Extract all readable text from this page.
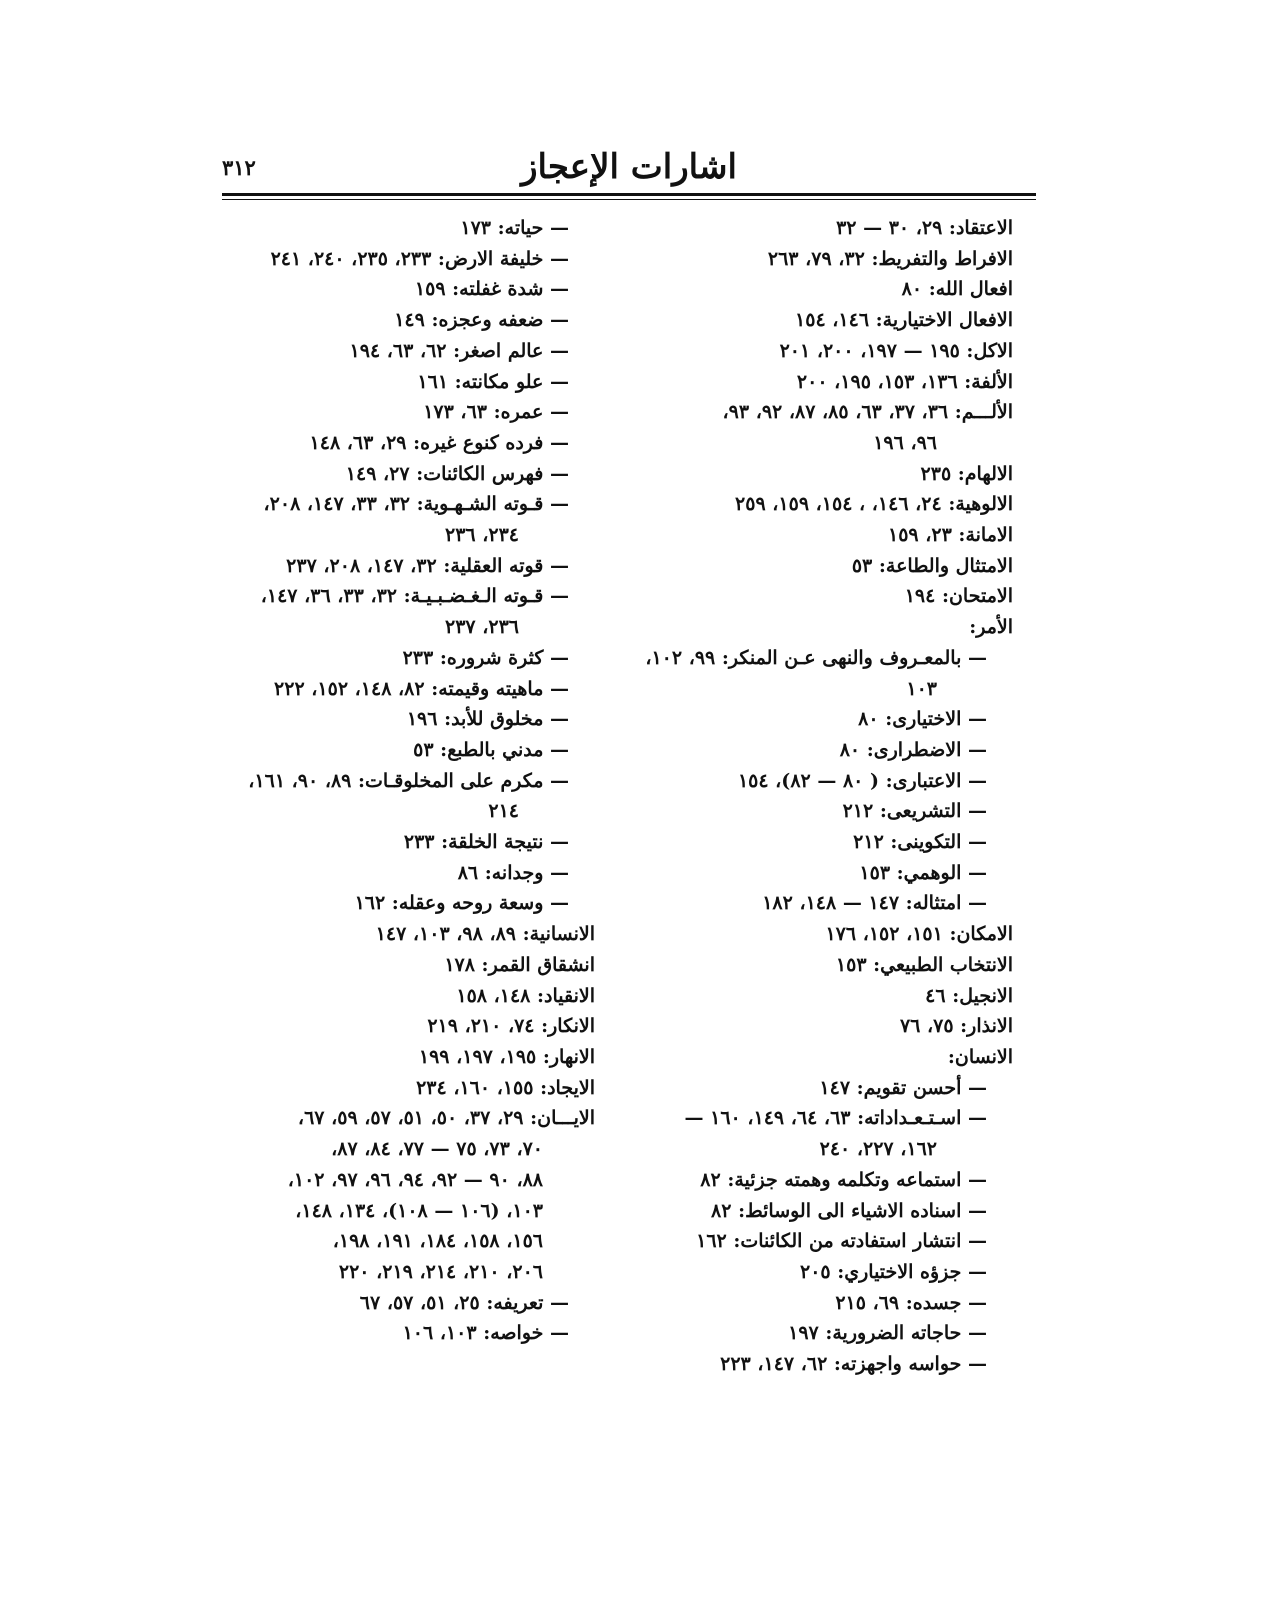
٣١٢	اشارات الإعجاز
الاعتقاد: ٢٩، ٣٠ — ٣٢
الافراط والتفريط: ٣٢، ٧٩، ٢٦٣
افعال الله: ٨٠
الافعال الاختيارية: ١٤٦، ١٥٤
الاكل: ١٩٥ — ١٩٧، ٢٠٠، ٢٠١
الألفة: ١٣٦، ١٥٣، ١٩٥، ٢٠٠
الألـــم: ٣٦، ٣٧، ٦٣، ٨٥، ٨٧، ٩٢، ٩٣،
٩٦، ١٩٦
الالهام: ٢٣٥
الالوهية: ٢٤، ١٤٦، ، ١٥٤، ١٥٩، ٢٥٩
الامانة: ٢٣، ١٥٩
الامتثال والطاعة: ٥٣
الامتحان: ١٩٤
الأمر:
— بالمعـروف والنهى عـن المنكر: ٩٩، ١٠٢،
١٠٣
— الاختيارى: ٨٠
— الاضطرارى: ٨٠
— الاعتبارى: ( ٨٠ — ٨٢)، ١٥٤
— التشريعى: ٢١٢
— التكوينى: ٢١٢
— الوهمي: ١٥٣
— امتثاله: ١٤٧ — ١٤٨، ١٨٢
الامكان: ١٥١، ١٥٢، ١٧٦
الانتخاب الطبيعي: ١٥٣
الانجيل: ٤٦
الانذار: ٧٥، ٧٦
الانسان:
— أحسن تقويم: ١٤٧
— اسـتـعـداداته: ٦٣، ٦٤، ١٤٩، ١٦٠ —
١٦٢، ٢٢٧، ٢٤٠
— استماعه وتكلمه وهمته جزئية: ٨٢
— اسناده الاشياء الى الوسائط: ٨٢
— انتشار استفادته من الكائنات: ١٦٢
— جزؤه الاختياري: ٢٠٥
— جسده: ٦٩، ٢١٥
— حاجاته الضرورية: ١٩٧
— حواسه واجهزته: ٦٢، ١٤٧، ٢٢٣
— حياته: ١٧٣
— خليفة الارض: ٢٣٣، ٢٣٥، ٢٤٠، ٢٤١
— شدة غفلته: ١٥٩
— ضعفه وعجزه: ١٤٩
— عالم اصغر: ٦٢، ٦٣، ١٩٤
— علو مكانته: ١٦١
— عمره: ٦٣، ١٧٣
— فرده كنوع غيره: ٢٩، ٦٣، ١٤٨
— فهرس الكائنات: ٢٧، ١٤٩
— قـوته الشـهـوية: ٣٢، ٣٣، ١٤٧، ٢٠٨،
٢٣٤، ٢٣٦
— قوته العقلية: ٣٢، ١٤٧، ٢٠٨، ٢٣٧
— قـوته الـغـضـبـيـة: ٣٢، ٣٣، ٣٦، ١٤٧،
٢٣٦، ٢٣٧
— كثرة شروره: ٢٣٣
— ماهيته وقيمته: ٨٢، ١٤٨، ١٥٢، ٢٢٢
— مخلوق للأبد: ١٩٦
— مدني بالطبع: ٥٣
— مكرم على المخلوقـات: ٨٩، ٩٠، ١٦١،
٢١٤
— نتيجة الخلقة: ٢٣٣
— وجدانه: ٨٦
— وسعة روحه وعقله: ١٦٢
الانسانية: ٨٩، ٩٨، ١٠٣، ١٤٧
انشقاق القمر: ١٧٨
الانقياد: ١٤٨، ١٥٨
الانكار: ٧٤، ٢١٠، ٢١٩
الانهار: ١٩٥، ١٩٧، ١٩٩
الايجاد: ١٥٥، ١٦٠، ٢٣٤
الايـــان: ٢٩، ٣٧، ٥٠، ٥١، ٥٧، ٥٩، ٦٧،
٧٠، ٧٣، ٧٥ — ٧٧، ٨٤، ٨٧،
٨٨، ٩٠ — ٩٢، ٩٤، ٩٦، ٩٧، ١٠٢،
١٠٣، (١٠٦ — ١٠٨)، ١٣٤، ١٤٨،
١٥٦، ١٥٨، ١٨٤، ١٩١، ١٩٨،
٢٠٦، ٢١٠، ٢١٤، ٢١٩، ٢٢٠
— تعريفه: ٢٥، ٥١، ٥٧، ٦٧
— خواصه: ١٠٣، ١٠٦
